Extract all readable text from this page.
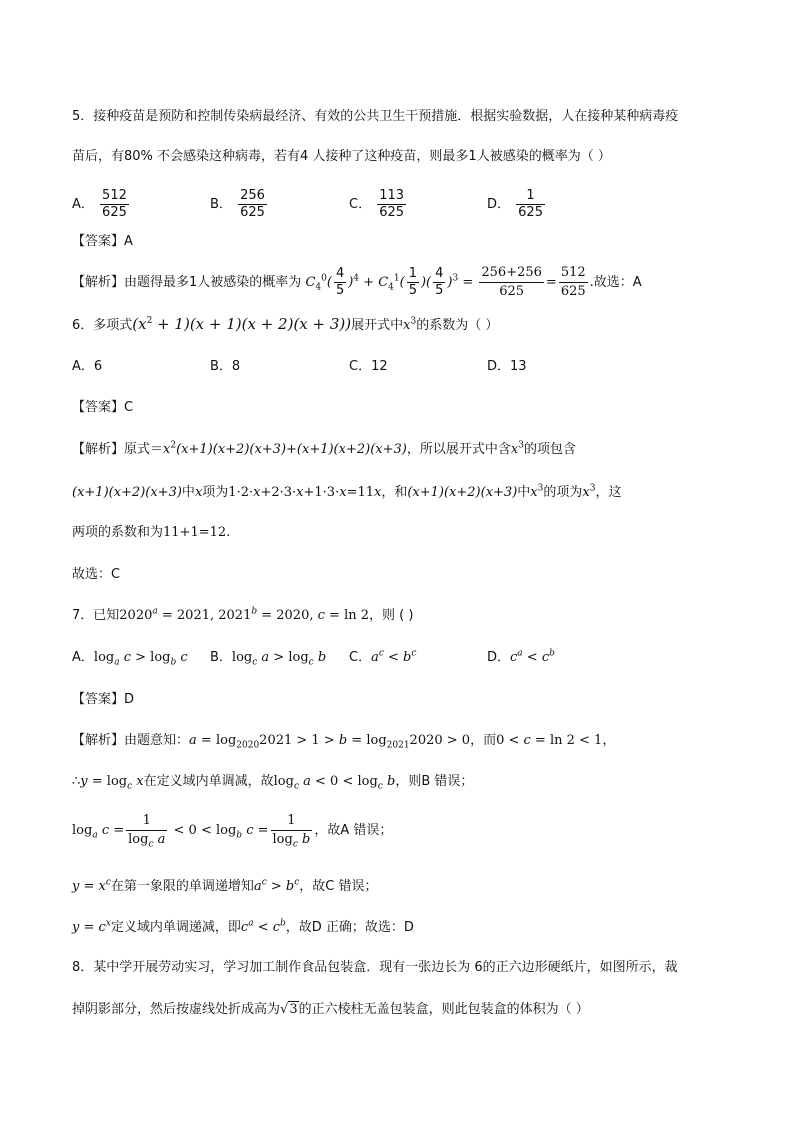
5．接种疫苗是预防和控制传染病最经济、有效的公共卫生干预措施．根据实验数据，人在接种某种病毒疫
苗后，有80% 不会感染这种病毒，若有4 人接种了这种疫苗，则最多1人被感染的概率为（ ）
A． $\frac{512}{625}$	B． $\frac{256}{625}$	C． $\frac{113}{625}$	D． $\frac{1}{625}$
【答案】A
【解析】由题得最多1人被感染的概率为 $C_4^0( \frac{4}{5} )^4 + C_4^1( \frac{1}{5}$ )( $\frac{4}{5} )^3 = \frac{256+256}{625} = \frac{512}{625}$ .故选：A
6．多项式$(x^2 + 1)(x + 1)(x + 2)(x + 3)$)展开式中$x^3$的系数为（ ）
A．6	B．8	C．12	D．13
【答案】C
【解析】原式$=x^2(x+1)(x+2)(x+3)+(x+1)(x+2)(x+3)$，所以展开式中含$x^3$的项包含
(x+1)(x+2)(x+3)中x项为1·2·x+2·3·x+1·3·x=11x，和(x+1)(x+2)(x+3)中$x^3$的项为$x^3$，这
两项的系数和为11+1=12.
故选：C
7．已知$2020^a = 2021$, $2021^b = 2020$, c = ln 2，则 ( )
A．$\log_a c > \log_b c$ B．$\log_c a > \log_c b$ C．$a^c < b^c$	D．$c^a < c^b$
【答案】D
【解析】由题意知：$a = \log_{2020}2021 > 1 > b = \log_{2021}2020 > 0$，而0 < c = ln 2 < 1，
∴y = $\log_c x$在定义域内单调减，故$\log_c a < 0 < \log_c b$，则B 错误；
$\log_a c = \frac{1}{\log_c a} < 0 < \log_b c = \frac{1}{\log_c b}$ ，故A 错误；
$y = x^c$在第一象限的单调递增知$a^c > b^c$，故C 错误；
$y = c^x$定义域内单调递减，即$c^a < c^b$，故D 正确；故选：D
8．某中学开展劳动实习，学习加工制作食品包装盒．现有一张边长为 6的正六边形硬纸片，如图所示，裁
掉阴影部分，然后按虚线处折成高为√3的正六棱柱无盖包装盒，则此包装盒的体积为（ ）
